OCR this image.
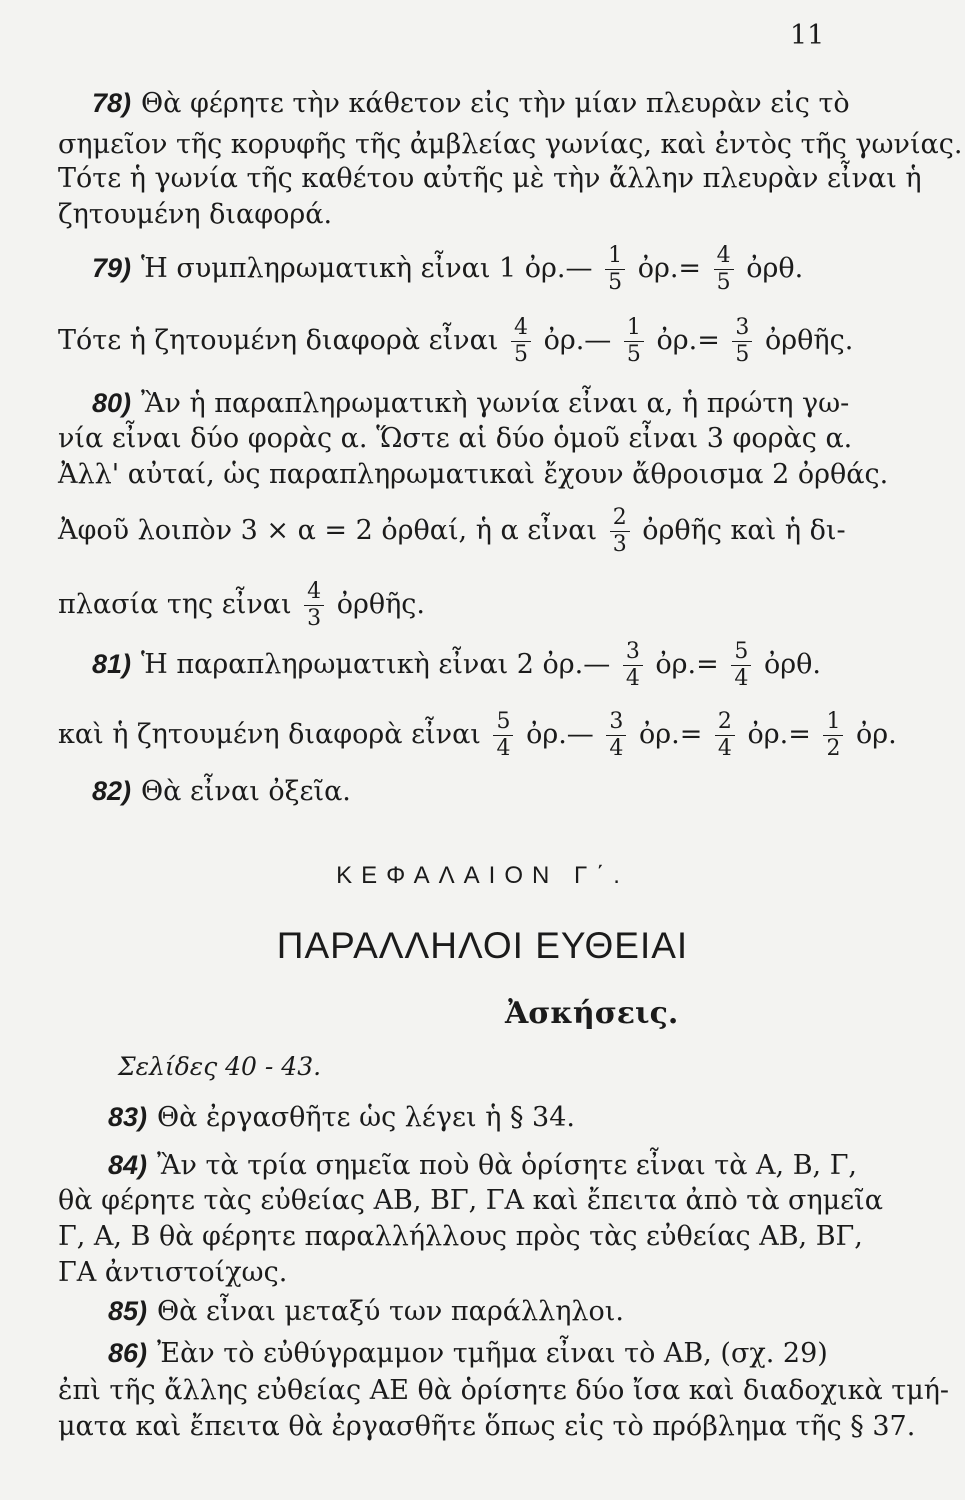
11
78) Θὰ φέρητε τὴν κάθετον εἰς τὴν μίαν πλευρὰν εἰς τὸ
σημεῖον τῆς κορυφῆς τῆς ἀμβλείας γωνίας, καὶ ἐντὸς τῆς γωνίας.
Τότε ἡ γωνία τῆς καθέτου αὐτῆς μὲ τὴν ἄλλην πλευρὰν εἶναι ἡ
ζητουμένη διαφορά.
79) Ἡ συμπληρωματικὴ εἶναι 1 ὀρ.— $\frac{1}{5}$ ὀρ.= $\frac{4}{5}$ ὀρθ.
Τότε ἡ ζητουμένη διαφορὰ εἶναι $\frac{4}{5}$ ὀρ.— $\frac{1}{5}$ ὀρ.= $\frac{3}{5}$ ὀρθῆς.
80) Ἂν ἡ παραπληρωματικὴ γωνία εἶναι α, ἡ πρώτη γω-
νία εἶναι δύο φορὰς α. Ὥστε αἱ δύο ὁμοῦ εἶναι 3 φορὰς α.
Ἀλλ' αὐταί, ὡς παραπληρωματικαὶ ἔχουν ἄθροισμα 2 ὀρθάς.
Ἀφοῦ λοιπὸν 3 × α = 2 ὀρθαί, ἡ α εἶναι $\frac{2}{3}$ ὀρθῆς καὶ ἡ δι-
πλασία της εἶναι $\frac{4}{3}$ ὀρθῆς.
81) Ἡ παραπληρωματικὴ εἶναι 2 ὀρ.— $\frac{3}{4}$ ὀρ.= $\frac{5}{4}$ ὀρθ.
καὶ ἡ ζητουμένη διαφορὰ εἶναι $\frac{5}{4}$ ὀρ.— $\frac{3}{4}$ ὀρ.= $\frac{2}{4}$ ὀρ.= $\frac{1}{2}$ ὀρ.
82) Θὰ εἶναι ὀξεῖα.
ΚΕΦΑΛΑΙΟΝ Γ΄.
ΠΑΡΑΛΛΗΛΟΙ ΕΥΘΕΙΑΙ
Ἀσκήσεις.
Σελίδες 40 - 43.
83) Θὰ ἐργασθῆτε ὡς λέγει ἡ § 34.
84) Ἂν τὰ τρία σημεῖα ποὺ θὰ ὁρίσητε εἶναι τὰ Α, Β, Γ,
θὰ φέρητε τὰς εὐθείας ΑΒ, ΒΓ, ΓΑ καὶ ἔπειτα ἀπὸ τὰ σημεῖα
Γ, Α, Β θὰ φέρητε παραλλήλλους πρὸς τὰς εὐθείας ΑΒ, ΒΓ,
ΓΑ ἀντιστοίχως.
85) Θὰ εἶναι μεταξύ των παράλληλοι.
86) Ἐὰν τὸ εὐθύγραμμον τμῆμα εἶναι τὸ ΑΒ, (σχ. 29)
ἐπὶ τῆς ἄλλης εὐθείας ΑΕ θὰ ὁρίσητε δύο ἴσα καὶ διαδοχικὰ τμή-
ματα καὶ ἔπειτα θὰ ἐργασθῆτε ὅπως εἰς τὸ πρόβλημα τῆς § 37.
